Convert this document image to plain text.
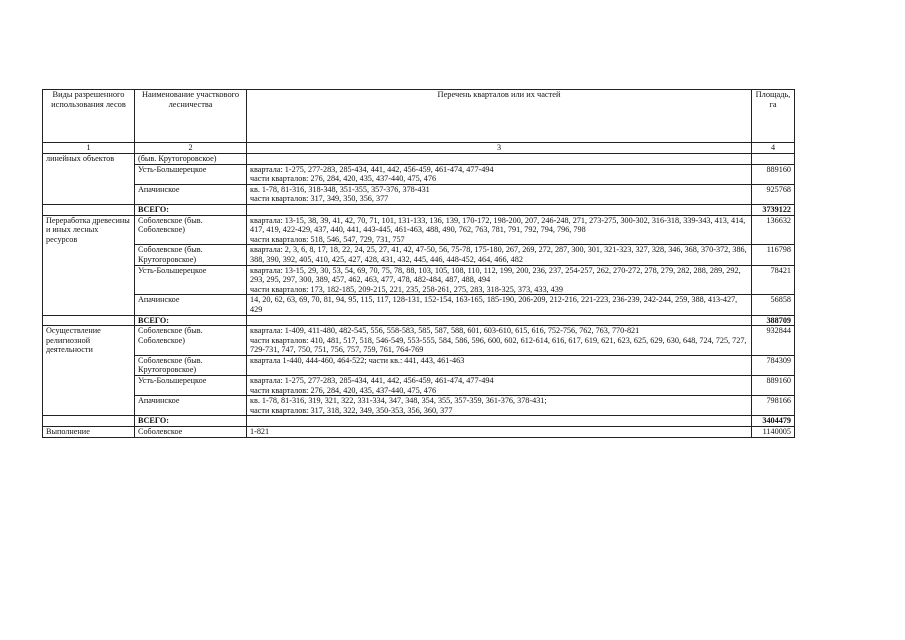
Виды разрешенного использования лесов	Наименование участкового лесничества	Перечень кварталов или их частей	Площадь, га
1	2	3	4
линейных объектов	(быв. Крутогоровское)	

	Усть-Большерецкое	квартала: 1-275, 277-283, 285-434, 441, 442, 456-459, 461-474, 477-494
части кварталов: 276, 284, 420, 435, 437-440, 475, 476	889160
	Апачинское	кв. 1-78, 81-316, 318-348, 351-355, 357-376, 378-431
части кварталов: 317, 349, 350, 356, 377	925768
	ВСЕГО:		3739122
Переработка древесины и иных лесных ресурсов	Соболевское (быв. Соболевское)	квартала: 13-15, 38, 39, 41, 42, 70, 71, 101, 131-133, 136, 139, 170-172, 198-200, 207, 246-248, 271, 273-275, 300-302, 316-318, 339-343, 413, 414, 417, 419, 422-429, 437, 440, 441, 443-445, 461-463, 488, 490, 762, 763, 781, 791, 792, 794, 796, 798
части кварталов: 518, 546, 547, 729, 731, 757	136632
	Соболевское (быв. Крутогоровское)	квартала: 2, 3, 6, 8, 17, 18, 22, 24, 25, 27, 41, 42, 47-50, 56, 75-78, 175-180, 267, 269, 272, 287, 300, 301, 321-323, 327, 328, 346, 368, 370-372, 386, 388, 390, 392, 405, 410, 425, 427, 428, 431, 432, 445, 446, 448-452, 464, 466, 482	116798
	Усть-Большерецкое	квартала: 13-15, 29, 30, 53, 54, 69, 70, 75, 78, 88, 103, 105, 108, 110, 112, 199, 200, 236, 237, 254-257, 262, 270-272, 278, 279, 282, 288, 289, 292, 293, 295, 297, 300, 389, 457, 462, 463, 477, 478, 482-484, 487, 488, 494
части кварталов: 173, 182-185, 209-215, 221, 235, 258-261, 275, 283, 318-325, 373, 433, 439	78421
	Апачинское	14, 20, 62, 63, 69, 70, 81, 94, 95, 115, 117, 128-131, 152-154, 163-165, 185-190, 206-209, 212-216, 221-223, 236-239, 242-244, 259, 388, 413-427, 429	56858
	ВСЕГО:		388709
Осуществление религиозной деятельности	Соболевское (быв. Соболевское)	квартала: 1-409, 411-480, 482-545, 556, 558-583, 585, 587, 588, 601, 603-610, 615, 616, 752-756, 762, 763, 770-821
части кварталов: 410, 481, 517, 518, 546-549, 553-555, 584, 586, 596, 600, 602, 612-614, 616, 617, 619, 621, 623, 625, 629, 630, 648, 724, 725, 727, 729-731, 747, 750, 751, 756, 757, 759, 761, 764-769	932844
	Соболевское (быв. Крутогоровское)	квартала 1-440, 444-460, 464-522; части кв.: 441, 443, 461-463	784309
	Усть-Большерецкое	квартала: 1-275, 277-283, 285-434, 441, 442, 456-459, 461-474, 477-494
части кварталов: 276, 284, 420, 435, 437-440, 475, 476	889160
	Апачинское	кв. 1-78, 81-316, 319, 321, 322, 331-334, 347, 348, 354, 355, 357-359, 361-376, 378-431;
части кварталов: 317, 318, 322, 349, 350-353, 356, 360, 377	798166
	ВСЕГО:		3404479
Выполнение	Соболевское	1-821	1140005
